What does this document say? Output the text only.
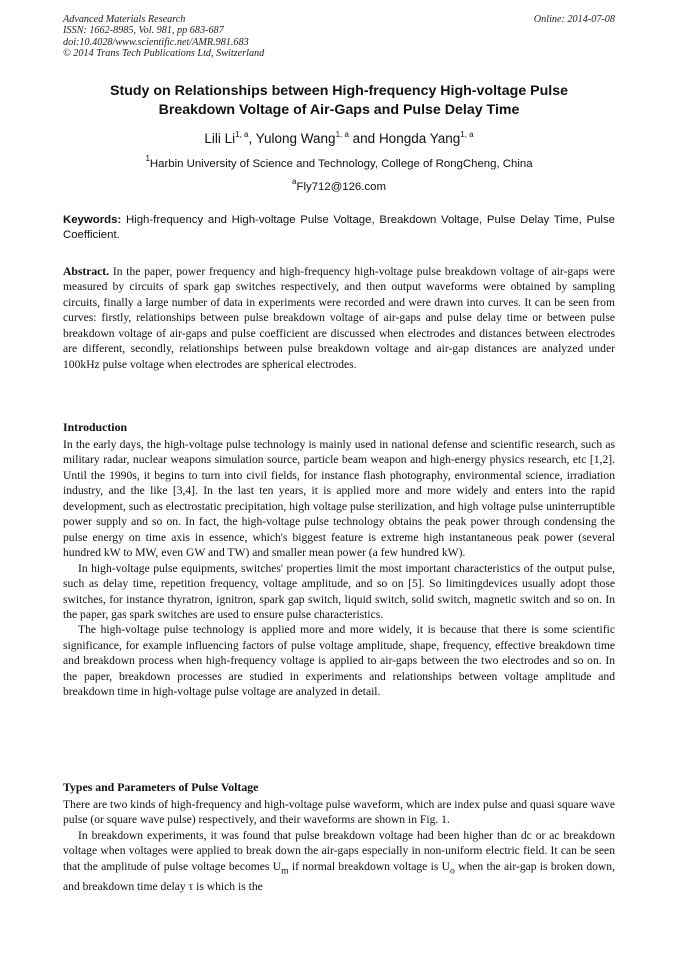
Advanced Materials Research
ISSN: 1662-8985, Vol. 981, pp 683-687
doi:10.4028/www.scientific.net/AMR.981.683
© 2014 Trans Tech Publications Ltd, Switzerland
Online: 2014-07-08
Study on Relationships between High-frequency High-voltage Pulse
Breakdown Voltage of Air-Gaps and Pulse Delay Time
Lili Li$^{1, a}$, Yulong Wang$^{1, a}$ and Hongda Yang$^{1, a}$
$^1$Harbin University of Science and Technology, College of RongCheng, China
$^a$Fly712@126.com
Keywords: High-frequency and High-voltage Pulse Voltage, Breakdown Voltage, Pulse Delay Time, Pulse Coefficient.
Abstract. In the paper, power frequency and high-frequency high-voltage pulse breakdown voltage of air-gaps were measured by circuits of spark gap switches respectively, and then output waveforms were obtained by sampling circuits, finally a large number of data in experiments were recorded and were drawn into curves. It can be seen from curves: firstly, relationships between pulse breakdown voltage of air-gaps and pulse delay time or between pulse breakdown voltage of air-gaps and pulse coefficient are discussed when electrodes and distances between electrodes are different, secondly, relationships between pulse breakdown voltage and air-gap distances are analyzed under 100kHz pulse voltage when electrodes are spherical electrodes.
Introduction

In the early days, the high-voltage pulse technology is mainly used in national defense and scientific research, such as military radar, nuclear weapons simulation source, particle beam weapon and high-energy physics research, etc [1,2]. Until the 1990s, it begins to turn into civil fields, for instance flash photography, environmental science, irradiation industry, and the like [3,4]. In the last ten years, it is applied more and more widely and enters into the rapid development, such as electrostatic precipitation, high voltage pulse sterilization, and high voltage pulse uninterruptible power supply and so on. In fact, the high-voltage pulse technology obtains the peak power through condensing the pulse energy on time axis in essence, which's biggest feature is extreme high instantaneous peak power (several hundred kW to MW, even GW and TW) and smaller mean power (a few hundred kW).

In high-voltage pulse equipments, switches' properties limit the most important characteristics of the output pulse, such as delay time, repetition frequency, voltage amplitude, and so on [5]. So limitingdevices usually adopt those switches, for instance thyratron, ignitron, spark gap switch, liquid switch, solid switch, magnetic switch and so on. In the paper, gas spark switches are used to ensure pulse characteristics.

The high-voltage pulse technology is applied more and more widely, it is because that there is some scientific significance, for example influencing factors of pulse voltage amplitude, shape, frequency, effective breakdown time and breakdown process when high-frequency voltage is applied to air-gaps between the two electrodes and so on. In the paper, breakdown processes are studied in experiments and relationships between voltage amplitude and breakdown time in high-voltage pulse voltage are analyzed in detail.

Types and Parameters of Pulse Voltage

There are two kinds of high-frequency and high-voltage pulse waveform, which are index pulse and quasi square wave pulse (or square wave pulse) respectively, and their waveforms are shown in Fig. 1.

In breakdown experiments, it was found that pulse breakdown voltage had been higher than dc or ac breakdown voltage when voltages were applied to break down the air-gaps especially in non-uniform electric field. It can be seen that the amplitude of pulse voltage becomes $U_m$ if normal breakdown voltage is $U_o$ when the air-gap is broken down, and breakdown time delay τ is which is the
